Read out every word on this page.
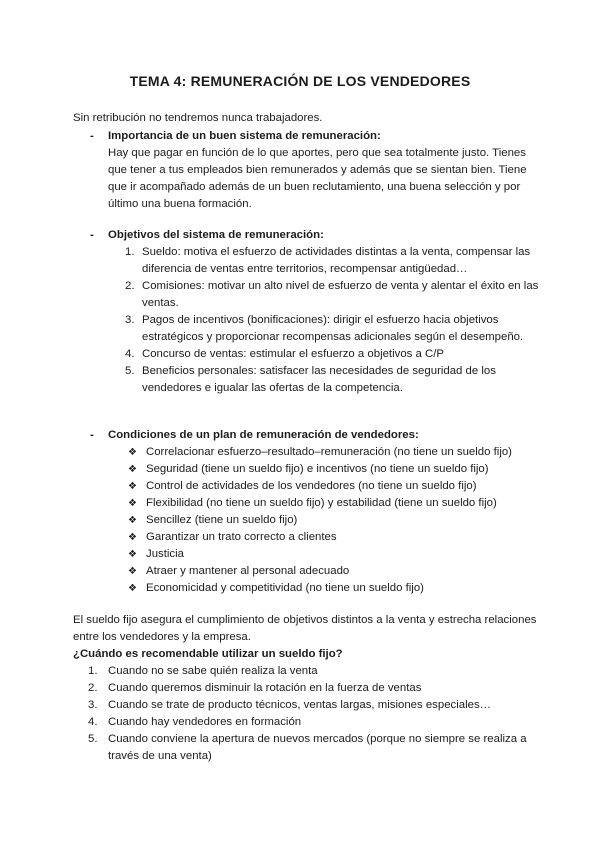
TEMA 4: REMUNERACIÓN DE LOS VENDEDORES
Sin retribución no tendremos nunca trabajadores.
-	Importancia de un buen sistema de remuneración:

Hay que pagar en función de lo que aportes, pero que sea totalmente justo. Tienes que tener a tus empleados bien remunerados y además que se sientan bien. Tiene que ir acompañado además de un buen reclutamiento, una buena selección y por último una buena formación.

-	Objetivos del sistema de remuneración:
1. Sueldo: motiva el esfuerzo de actividades distintas a la venta, compensar las diferencia de ventas entre territorios, recompensar antigüedad…
2. Comisiones: motivar un alto nivel de esfuerzo de venta y alentar el éxito en las ventas.
3. Pagos de incentivos (bonificaciones): dirigir el esfuerzo hacia objetivos estratégicos y proporcionar recompensas adicionales según el desempeño.
4. Concurso de ventas: estimular el esfuerzo a objetivos a C/P
5. Beneficios personales: satisfacer las necesidades de seguridad de los vendedores e igualar las ofertas de la competencia.
-	Condiciones de un plan de remuneración de vendedores:
❖ Correlacionar esfuerzo–resultado–remuneración (no tiene un sueldo fijo)
❖ Seguridad (tiene un sueldo fijo) e incentivos (no tiene un sueldo fijo)
❖ Control de actividades de los vendedores (no tiene un sueldo fijo)
❖ Flexibilidad (no tiene un sueldo fijo) y estabilidad (tiene un sueldo fijo)
❖ Sencillez (tiene un sueldo fijo)
❖ Garantizar un trato correcto a clientes
❖ Justicia
❖ Atraer y mantener al personal adecuado
❖ Economicidad y competitividad (no tiene un sueldo fijo)

El sueldo fijo asegura el cumplimiento de objetivos distintos a la venta y estrecha relaciones entre los vendedores y la empresa.

¿Cuándo es recomendable utilizar un sueldo fijo?
1. Cuando no se sabe quién realiza la venta
2. Cuando queremos disminuir la rotación en la fuerza de ventas
3. Cuando se trate de producto técnicos, ventas largas, misiones especiales…
4. Cuando hay vendedores en formación
5. Cuando conviene la apertura de nuevos mercados (porque no siempre se realiza a través de una venta)
